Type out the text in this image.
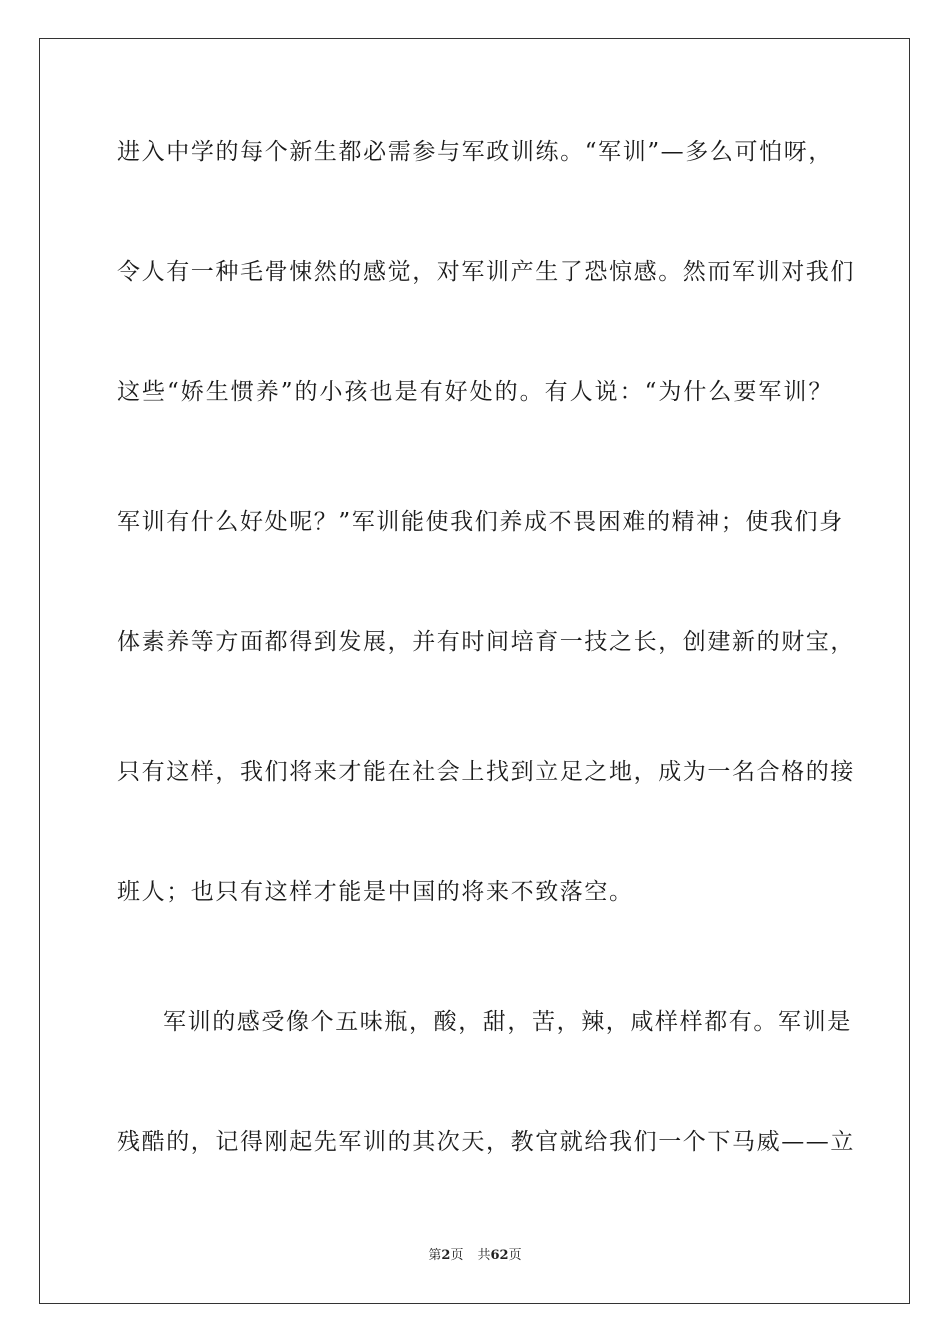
进入中学的每个新生都必需参与军政训练。“军训”—多么可怕呀，
令人有一种毛骨悚然的感觉，对军训产生了恐惊感。然而军训对我们
这些“娇生惯养”的小孩也是有好处的。有人说：“为什么要军训？
军训有什么好处呢？”军训能使我们养成不畏困难的精神；使我们身
体素养等方面都得到发展，并有时间培育一技之长，创建新的财宝，
只有这样，我们将来才能在社会上找到立足之地，成为一名合格的接
班人；也只有这样才能是中国的将来不致落空。
军训的感受像个五味瓶，酸，甜，苦，辣，咸样样都有。军训是
残酷的，记得刚起先军训的其次天，教官就给我们一个下马威——立
第2页 共62页
